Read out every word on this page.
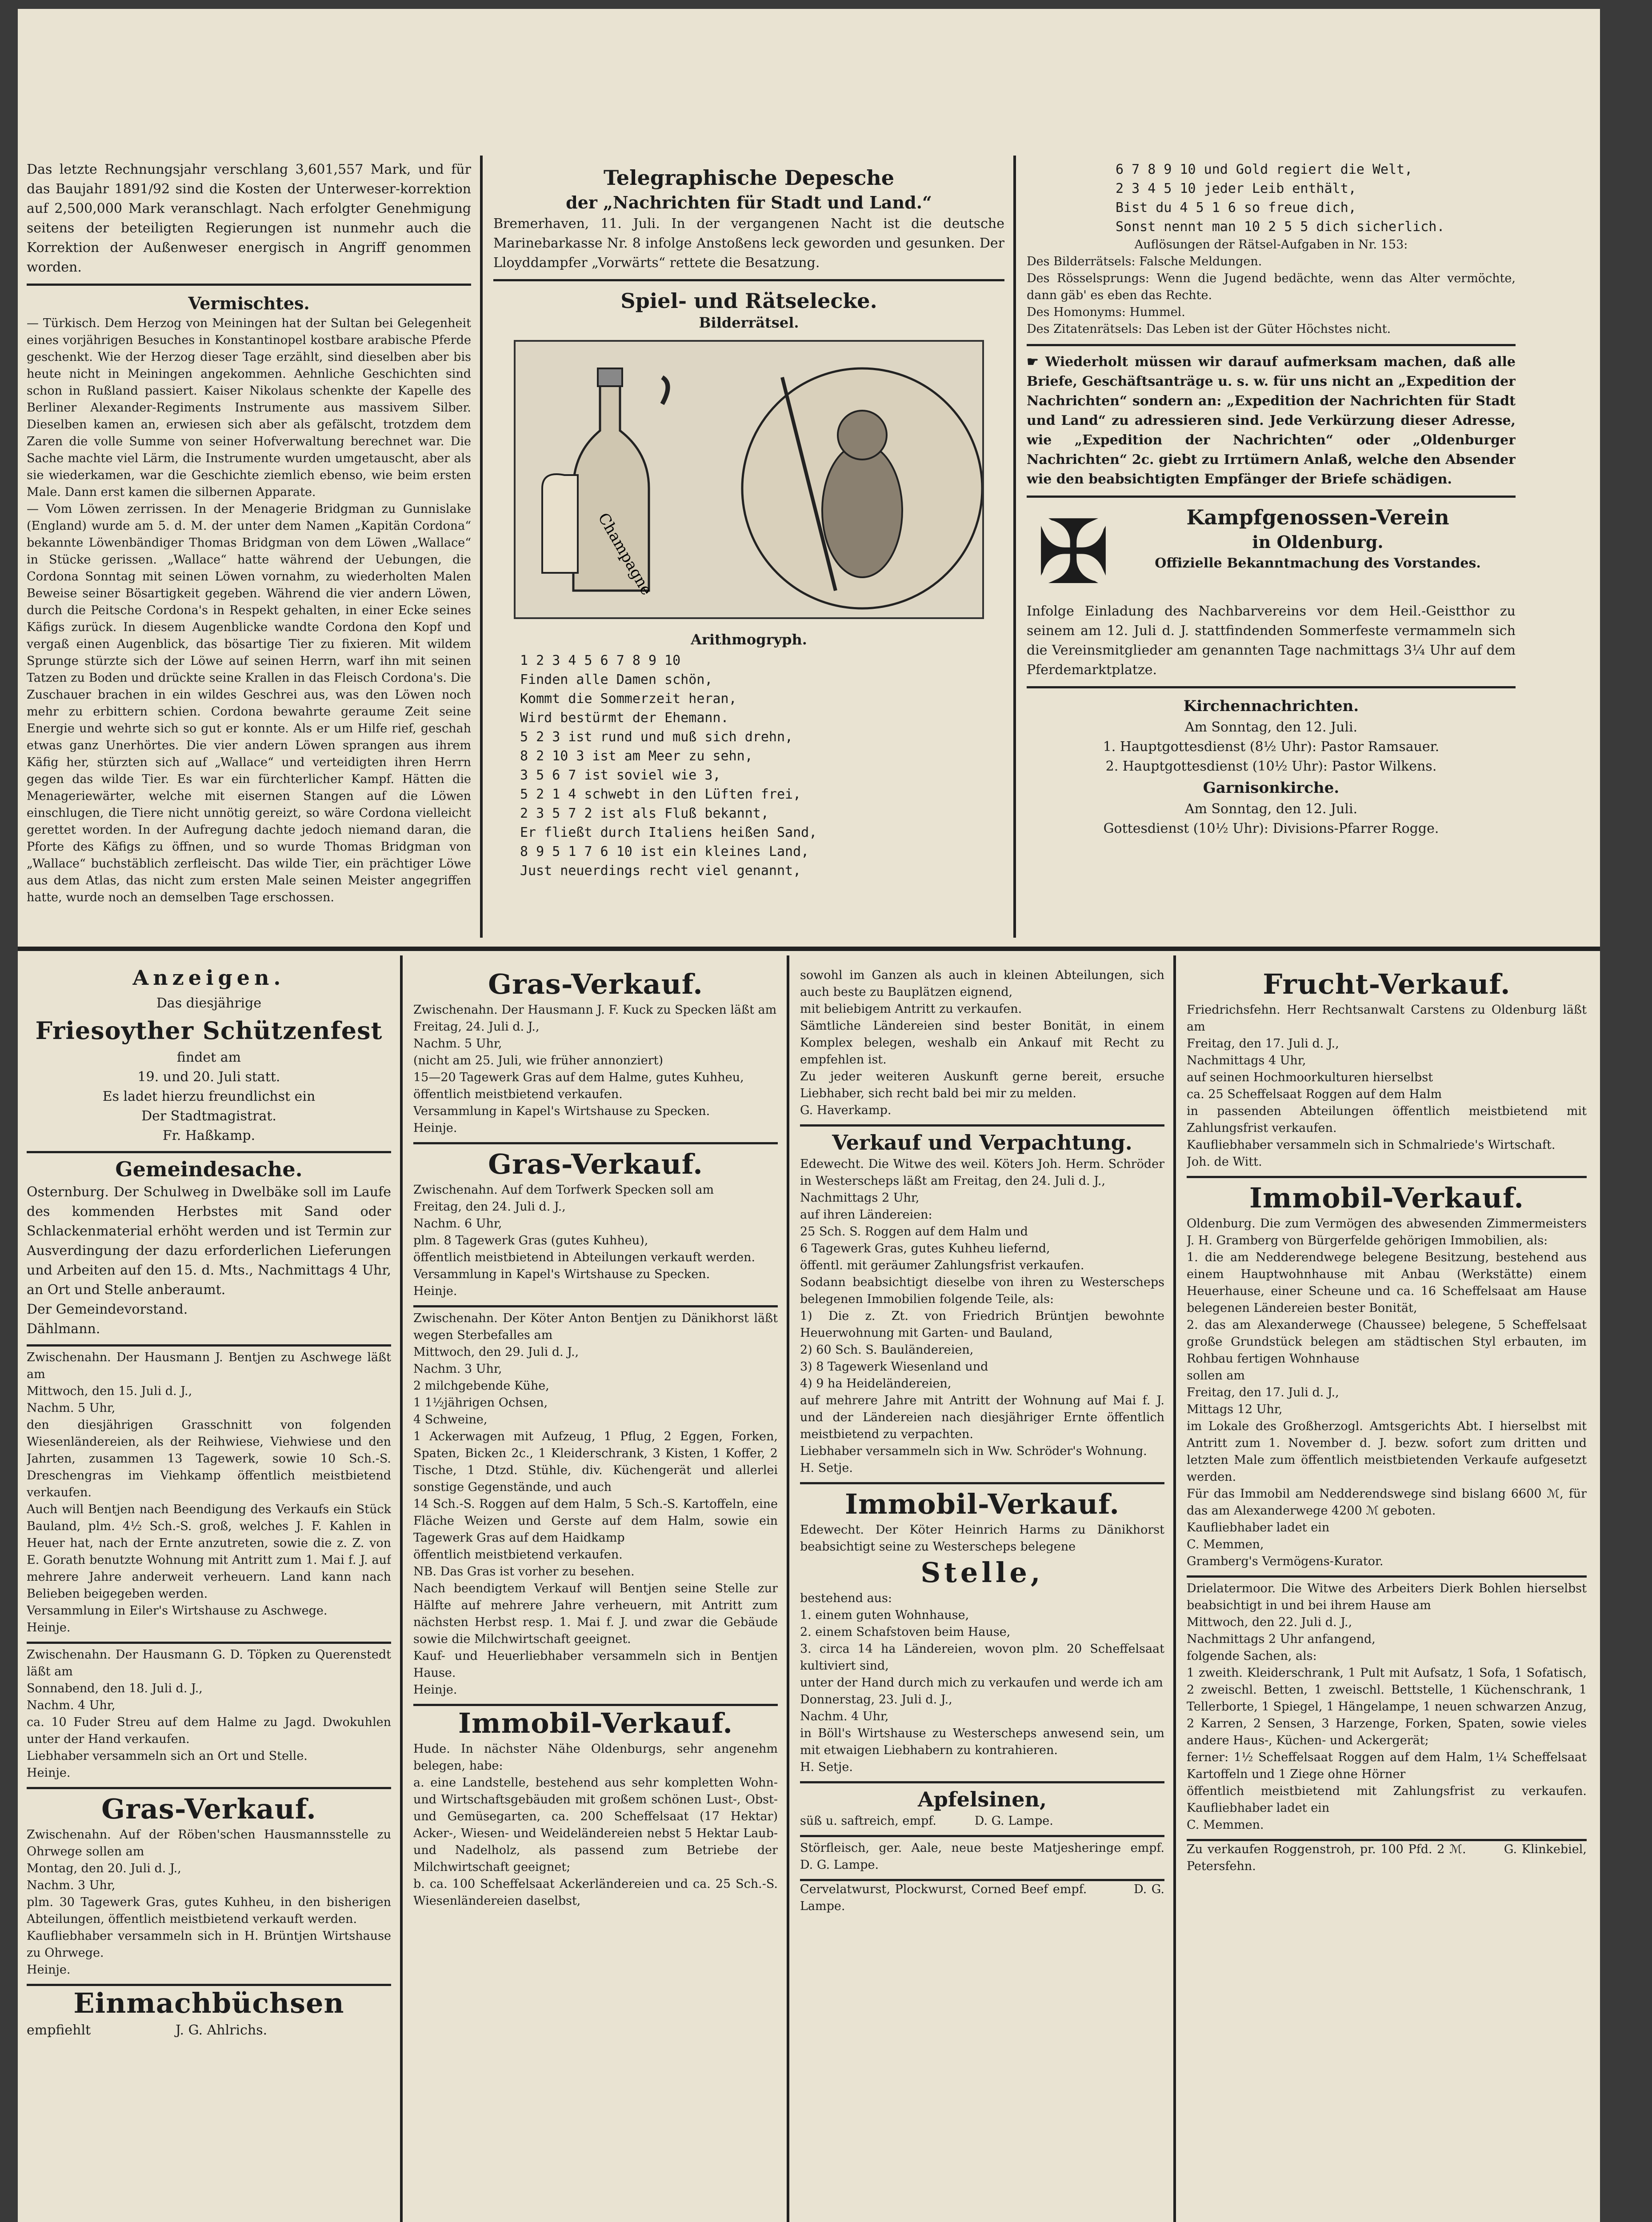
Das letzte Rechnungsjahr verschlang 3,601,557 Mark, und für das Baujahr 1891/92 sind die Kosten der Unterweser-korrektion auf 2,500,000 Mark veranschlagt. Nach erfolgter Genehmigung seitens der beteiligten Regierungen ist nunmehr auch die Korrektion der Außenweser energisch in Angriff genommen worden.

Vermischtes.

— Türkisch. Dem Herzog von Meiningen hat der Sultan bei Gelegenheit eines vorjährigen Besuches in Konstantinopel kostbare arabische Pferde geschenkt. Wie der Herzog dieser Tage erzählt, sind dieselben aber bis heute nicht in Meiningen angekommen. Aehnliche Geschichten sind schon in Rußland passiert. Kaiser Nikolaus schenkte der Kapelle des Berliner Alexander-Regiments Instrumente aus massivem Silber. Dieselben kamen an, erwiesen sich aber als gefälscht, trotzdem dem Zaren die volle Summe von seiner Hofverwaltung berechnet war. Die Sache machte viel Lärm, die Instrumente wurden umgetauscht, aber als sie wiederkamen, war die Geschichte ziemlich ebenso, wie beim ersten Male. Dann erst kamen die silbernen Apparate.
— Vom Löwen zerrissen. In der Menagerie Bridgman zu Gunnislake (England) wurde am 5. d. M. der unter dem Namen „Kapitän Cordona“ bekannte Löwenbändiger Thomas Bridgman von dem Löwen „Wallace“ in Stücke gerissen. „Wallace“ hatte während der Uebungen, die Cordona Sonntag mit seinen Löwen vornahm, zu wiederholten Malen Beweise seiner Bösartigkeit gegeben. Während die vier andern Löwen, durch die Peitsche Cordona's in Respekt gehalten, in einer Ecke seines Käfigs zurück. In diesem Augenblicke wandte Cordona den Kopf und vergaß einen Augenblick, das bösartige Tier zu fixieren. Mit wildem Sprunge stürzte sich der Löwe auf seinen Herrn, warf ihn mit seinen Tatzen zu Boden und drückte seine Krallen in das Fleisch Cordona's. Die Zuschauer brachen in ein wildes Geschrei aus, was den Löwen noch mehr zu erbittern schien. Cordona bewahrte geraume Zeit seine Energie und wehrte sich so gut er konnte. Als er um Hilfe rief, geschah etwas ganz Unerhörtes. Die vier andern Löwen sprangen aus ihrem Käfig her, stürzten sich auf „Wallace“ und verteidigten ihren Herrn gegen das wilde Tier. Es war ein fürchterlicher Kampf. Hätten die Menageriewärter, welche mit eisernen Stangen auf die Löwen einschlugen, die Tiere nicht unnötig gereizt, so wäre Cordona vielleicht gerettet worden. In der Aufregung dachte jedoch niemand daran, die Pforte des Käfigs zu öffnen, und so wurde Thomas Bridgman von „Wallace“ buchstäblich zerfleischt. Das wilde Tier, ein prächtiger Löwe aus dem Atlas, das nicht zum ersten Male seinen Meister angegriffen hatte, wurde noch an demselben Tage erschossen.

Telegraphische Depesche

der „Nachrichten für Stadt und Land.“

Bremerhaven, 11. Juli. In der vergangenen Nacht ist die deutsche Marinebarkasse Nr. 8 infolge Anstoßens leck geworden und gesunken. Der Lloyddampfer „Vorwärts“ rettete die Besatzung.

Spiel- und Rätselecke.

Bilderrätsel.

Champagne

Arithmogryph.

1 2 3 4 5 6 7 8 9 10
Finden alle Damen schön,
Kommt die Sommerzeit heran,
Wird bestürmt der Ehemann.
5 2 3 ist rund und muß sich drehn,
8 2 10 3 ist am Meer zu sehn,
3 5 6 7 ist soviel wie 3,
5 2 1 4 schwebt in den Lüften frei,
2 3 5 7 2 ist als Fluß bekannt,
Er fließt durch Italiens heißen Sand,
8 9 5 1 7 6 10 ist ein kleines Land,
Just neuerdings recht viel genannt,

6 7 8 9 10 und Gold regiert die Welt,
2 3 4 5 10 jeder Leib enthält,
Bist du 4 5 1 6 so freue dich,
Sonst nennt man 10 2 5 5 dich sicherlich.

Auflösungen der Rätsel-Aufgaben in Nr. 153:

Des Bilderrätsels: Falsche Meldungen.
Des Rösselsprungs: Wenn die Jugend bedächte, wenn das Alter vermöchte, dann gäb' es eben das Rechte.
Des Homonyms: Hummel.
Des Zitatenrätsels: Das Leben ist der Güter Höchstes nicht.

☛ Wiederholt müssen wir darauf aufmerksam machen, daß alle Briefe, Geschäftsanträge u. s. w. für uns nicht an „Expedition der Nachrichten“ sondern an: „Expedition der Nachrichten für Stadt und Land“ zu adressieren sind. Jede Verkürzung dieser Adresse, wie „Expedition der Nachrichten“ oder „Oldenburger Nachrichten“ 2c. giebt zu Irrtümern Anlaß, welche den Absender wie den beabsichtigten Empfänger der Briefe schädigen.

✠	Kampfgenossen-Verein

in Oldenburg.

Offizielle Bekanntmachung des Vorstandes.

Infolge Einladung des Nachbarvereins vor dem Heil.-Geistthor zu seinem am 12. Juli d. J. stattfindenden Sommerfeste vermammeln sich die Vereinsmitglieder am genannten Tage nachmittags 3¼ Uhr auf dem Pferdemarktplatze.

Kirchennachrichten.

Am Sonntag, den 12. Juli.
1. Hauptgottesdienst (8½ Uhr): Pastor Ramsauer.
2. Hauptgottesdienst (10½ Uhr): Pastor Wilkens.

Garnisonkirche.

Am Sonntag, den 12. Juli.
Gottesdienst (10½ Uhr): Divisions-Pfarrer Rogge.

Anzeigen.

Das diesjährige

Friesoyther Schützenfest

findet am
19. und 20. Juli statt.
Es ladet hierzu freundlichst ein
Der Stadtmagistrat.
Fr. Haßkamp.

Gemeindesache.

Osternburg. Der Schulweg in Dwelbäke soll im Laufe des kommenden Herbstes mit Sand oder Schlackenmaterial erhöht werden und ist Termin zur Ausverdingung der dazu erforderlichen Lieferungen und Arbeiten auf den 15. d. Mts., Nachmittags 4 Uhr, an Ort und Stelle anberaumt.
Der Gemeindevorstand.
Dählmann.

Zwischenahn. Der Hausmann J. Bentjen zu Aschwege läßt am
Mittwoch, den 15. Juli d. J.,
Nachm. 5 Uhr,
den diesjährigen Grasschnitt von folgenden Wiesenländereien, als der Reihwiese, Viehwiese und den Jahrten, zusammen 13 Tagewerk, sowie 10 Sch.-S. Dreschengras im Viehkamp öffentlich meistbietend verkaufen.
Auch will Bentjen nach Beendigung des Verkaufs ein Stück Bauland, plm. 4½ Sch.-S. groß, welches J. F. Kahlen in Heuer hat, nach der Ernte anzutreten, sowie die z. Z. von E. Gorath benutzte Wohnung mit Antritt zum 1. Mai f. J. auf mehrere Jahre anderweit verheuern. Land kann nach Belieben beigegeben werden.
Versammlung in Eiler's Wirtshause zu Aschwege.
Heinje.

Zwischenahn. Der Hausmann G. D. Töpken zu Querenstedt läßt am
Sonnabend, den 18. Juli d. J.,
Nachm. 4 Uhr,
ca. 10 Fuder Streu auf dem Halme zu Jagd. Dwokuhlen unter der Hand verkaufen.
Liebhaber versammeln sich an Ort und Stelle.
Heinje.

Gras-Verkauf.

Zwischenahn. Auf der Röben'schen Hausmannsstelle zu Ohrwege sollen am
Montag, den 20. Juli d. J.,
Nachm. 3 Uhr,
plm. 30 Tagewerk Gras, gutes Kuhheu, in den bisherigen Abteilungen, öffentlich meistbietend verkauft werden.
Kaufliebhaber versammeln sich in H. Brüntjen Wirtshause zu Ohrwege.
Heinje.

Einmachbüchsen

empfiehlt                    J. G. Ahlrichs.

Gras-Verkauf.

Zwischenahn. Der Hausmann J. F. Kuck zu Specken läßt am
Freitag, 24. Juli d. J.,
Nachm. 5 Uhr,
(nicht am 25. Juli, wie früher annonziert)
15—20 Tagewerk Gras auf dem Halme, gutes Kuhheu,
öffentlich meistbietend verkaufen.
Versammlung in Kapel's Wirtshause zu Specken.
Heinje.

Gras-Verkauf.

Zwischenahn. Auf dem Torfwerk Specken soll am
Freitag, den 24. Juli d. J.,
Nachm. 6 Uhr,
plm. 8 Tagewerk Gras (gutes Kuhheu),
öffentlich meistbietend in Abteilungen verkauft werden.
Versammlung in Kapel's Wirtshause zu Specken.
Heinje.

Zwischenahn. Der Köter Anton Bentjen zu Dänikhorst läßt wegen Sterbefalles am
Mittwoch, den 29. Juli d. J.,
Nachm. 3 Uhr,
2 milchgebende Kühe,
1 1½jährigen Ochsen,
4 Schweine,
1 Ackerwagen mit Aufzeug, 1 Pflug, 2 Eggen, Forken, Spaten, Bicken 2c., 1 Kleiderschrank, 3 Kisten, 1 Koffer, 2 Tische, 1 Dtzd. Stühle, div. Küchengerät und allerlei sonstige Gegenstände, und auch
14 Sch.-S. Roggen auf dem Halm, 5 Sch.-S. Kartoffeln, eine Fläche Weizen und Gerste auf dem Halm, sowie ein Tagewerk Gras auf dem Haidkamp
öffentlich meistbietend verkaufen.
NB. Das Gras ist vorher zu besehen.
Nach beendigtem Verkauf will Bentjen seine Stelle zur Hälfte auf mehrere Jahre verheuern, mit Antritt zum nächsten Herbst resp. 1. Mai f. J. und zwar die Gebäude sowie die Milchwirtschaft geeignet.
Kauf- und Heuerliebhaber versammeln sich in Bentjen Hause.
Heinje.

Immobil-Verkauf.

Hude. In nächster Nähe Oldenburgs, sehr angenehm belegen, habe:
a. eine Landstelle, bestehend aus sehr kompletten Wohn- und Wirtschaftsgebäuden mit großem schönen Lust-, Obst- und Gemüsegarten, ca. 200 Scheffelsaat (17 Hektar) Acker-, Wiesen- und Weideländereien nebst 5 Hektar Laub- und Nadelholz, als passend zum Betriebe der Milchwirtschaft geeignet;
b. ca. 100 Scheffelsaat Ackerländereien und ca. 25 Sch.-S. Wiesenländereien daselbst,

sowohl im Ganzen als auch in kleinen Abteilungen, sich auch beste zu Bauplätzen eignend,
mit beliebigem Antritt zu verkaufen.
Sämtliche Ländereien sind bester Bonität, in einem Komplex belegen, weshalb ein Ankauf mit Recht zu empfehlen ist.
Zu jeder weiteren Auskunft gerne bereit, ersuche Liebhaber, sich recht bald bei mir zu melden.
G. Haverkamp.

Verkauf und Verpachtung.

Edewecht. Die Witwe des weil. Köters Joh. Herm. Schröder in Westerscheps läßt am Freitag, den 24. Juli d. J.,
Nachmittags 2 Uhr,
auf ihren Ländereien:
25 Sch. S. Roggen auf dem Halm und
6 Tagewerk Gras, gutes Kuhheu liefernd,
öffentl. mit geräumer Zahlungsfrist verkaufen.
Sodann beabsichtigt dieselbe von ihren zu Westerscheps belegenen Immobilien folgende Teile, als:
1) Die z. Zt. von Friedrich Brüntjen bewohnte Heuerwohnung mit Garten- und Bauland,
2) 60 Sch. S. Bauländereien,
3) 8 Tagewerk Wiesenland und
4) 9 ha Heideländereien,
auf mehrere Jahre mit Antritt der Wohnung auf Mai f. J. und der Ländereien nach diesjähriger Ernte öffentlich meistbietend zu verpachten.
Liebhaber versammeln sich in Ww. Schröder's Wohnung.
H. Setje.

Immobil-Verkauf.

Edewecht. Der Köter Heinrich Harms zu Dänikhorst beabsichtigt seine zu Westerscheps belegene

Stelle,

bestehend aus:
1. einem guten Wohnhause,
2. einem Schafstoven beim Hause,
3. circa 14 ha Ländereien, wovon plm. 20 Scheffelsaat kultiviert sind,
unter der Hand durch mich zu verkaufen und werde ich am
Donnerstag, 23. Juli d. J.,
Nachm. 4 Uhr,
in Böll's Wirtshause zu Westerscheps anwesend sein, um mit etwaigen Liebhabern zu kontrahieren.
H. Setje.

Apfelsinen,

süß u. saftreich, empf.          D. G. Lampe.

Störfleisch, ger. Aale, neue beste Matjesheringe empf.          D. G. Lampe.

Cervelatwurst, Plockwurst, Corned Beef empf.          D. G. Lampe.

Frucht-Verkauf.

Friedrichsfehn. Herr Rechtsanwalt Carstens zu Oldenburg läßt am
Freitag, den 17. Juli d. J.,
Nachmittags 4 Uhr,
auf seinen Hochmoorkulturen hierselbst
ca. 25 Scheffelsaat Roggen auf dem Halm
in passenden Abteilungen öffentlich meistbietend mit Zahlungsfrist verkaufen.
Kaufliebhaber versammeln sich in Schmalriede's Wirtschaft.
Joh. de Witt.

Immobil-Verkauf.

Oldenburg. Die zum Vermögen des abwesenden Zimmermeisters J. H. Gramberg von Bürgerfelde gehörigen Immobilien, als:
1. die am Nedderendwege belegene Besitzung, bestehend aus einem Hauptwohnhause mit Anbau (Werkstätte) einem Heuerhause, einer Scheune und ca. 16 Scheffelsaat am Hause belegenen Ländereien bester Bonität,
2. das am Alexanderwege (Chaussee) belegene, 5 Scheffelsaat große Grundstück belegen am städtischen Styl erbauten, im Rohbau fertigen Wohnhause
sollen am
Freitag, den 17. Juli d. J.,
Mittags 12 Uhr,
im Lokale des Großherzogl. Amtsgerichts Abt. I hierselbst mit Antritt zum 1. November d. J. bezw. sofort zum dritten und letzten Male zum öffentlich meistbietenden Verkaufe aufgesetzt werden.
Für das Immobil am Nedderendswege sind bislang 6600 ℳ, für das am Alexanderwege 4200 ℳ geboten.
Kaufliebhaber ladet ein
C. Memmen,
Gramberg's Vermögens-Kurator.

Drielatermoor. Die Witwe des Arbeiters Dierk Bohlen hierselbst beabsichtigt in und bei ihrem Hause am
Mittwoch, den 22. Juli d. J.,
Nachmittags 2 Uhr anfangend,
folgende Sachen, als:
1 zweith. Kleiderschrank, 1 Pult mit Aufsatz, 1 Sofa, 1 Sofatisch, 2 zweischl. Betten, 1 zweischl. Bettstelle, 1 Küchenschrank, 1 Tellerborte, 1 Spiegel, 1 Hängelampe, 1 neuen schwarzen Anzug, 2 Karren, 2 Sensen, 3 Harzenge, Forken, Spaten, sowie vieles andere Haus-, Küchen- und Ackergerät;
ferner: 1½ Scheffelsaat Roggen auf dem Halm, 1¼ Scheffelsaat Kartoffeln und 1 Ziege ohne Hörner
öffentlich meistbietend mit Zahlungsfrist zu verkaufen. Kaufliebhaber ladet ein
C. Memmen.

Zu verkaufen Roggenstroh, pr. 100 Pfd. 2 ℳ.        G. Klinkebiel, Petersfehn.
